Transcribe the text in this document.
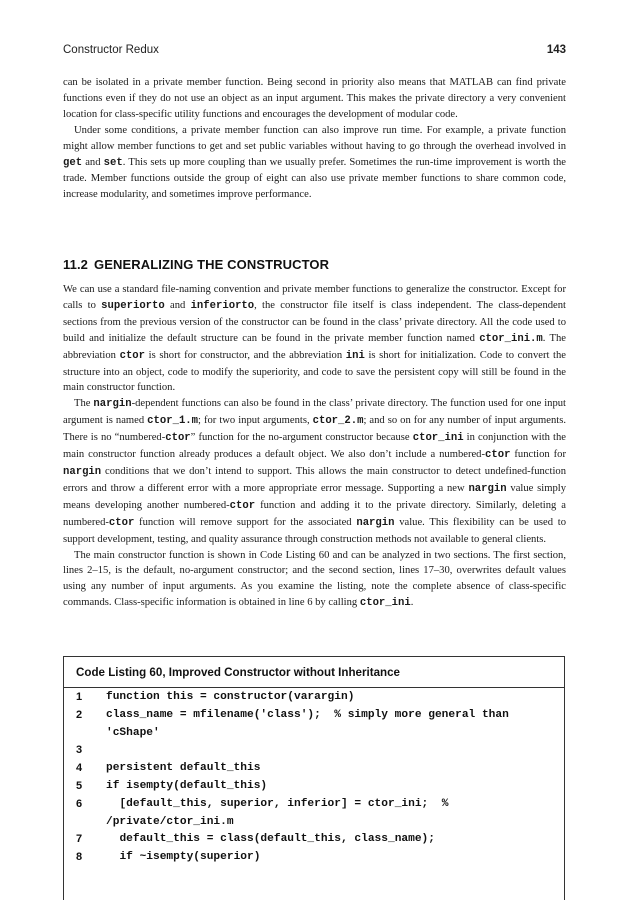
Constructor Redux	143

can be isolated in a private member function. Being second in priority also means that MATLAB can find private functions even if they do not use an object as an input argument. This makes the private directory a very convenient location for class-specific utility functions and encourages the development of modular code.

Under some conditions, a private member function can also improve run time. For example, a private function might allow member functions to get and set public variables without having to go through the overhead involved in get and set. This sets up more coupling than we usually prefer. Sometimes the run-time improvement is worth the trade. Member functions outside the group of eight can also use private member functions to share common code, increase modularity, and sometimes improve performance.

11.2 GENERALIZING THE CONSTRUCTOR

We can use a standard file-naming convention and private member functions to generalize the constructor. Except for calls to superiorto and inferiorto, the constructor file itself is class independent. The class-dependent sections from the previous version of the constructor can be found in the class’ private directory. All the code used to build and initialize the default structure can be found in the private member function named ctor_ini.m. The abbreviation ctor is short for constructor, and the abbreviation ini is short for initialization. Code to convert the structure into an object, code to modify the superiority, and code to save the persistent copy will still be found in the main constructor function.

The nargin-dependent functions can also be found in the class’ private directory. The function used for one input argument is named ctor_1.m; for two input arguments, ctor_2.m; and so on for any number of input arguments. There is no “numbered-ctor” function for the no-argument constructor because ctor_ini in conjunction with the main constructor function already produces a default object. We also don’t include a numbered-ctor function for nargin conditions that we don’t intend to support. This allows the main constructor to detect undefined-function errors and throw a different error with a more appropriate error message. Supporting a new nargin value simply means developing another numbered-ctor function and adding it to the private directory. Similarly, deleting a numbered-ctor function will remove support for the associated nargin value. This flexibility can be used to support development, testing, and quality assurance through construction methods not available to general clients.

The main constructor function is shown in Code Listing 60 and can be analyzed in two sections. The first section, lines 2–15, is the default, no-argument constructor; and the second section, lines 17–30, overwrites default values using any number of input arguments. As you examine the listing, note the complete absence of class-specific commands. Class-specific information is obtained in line 6 by calling ctor_ini.

Code Listing 60, Improved Constructor without Inheritance
1 function this = constructor(varargin)
2 class_name = mfilename('class');  % simply more general than 'cShape'
3
4 persistent default_this
5 if isempty(default_this)
6 [default_this, superior, inferior] = ctor_ini;  % /private/ctor_ini.m
7 default_this = class(default_this, class_name);
8 if ~isempty(superior)
